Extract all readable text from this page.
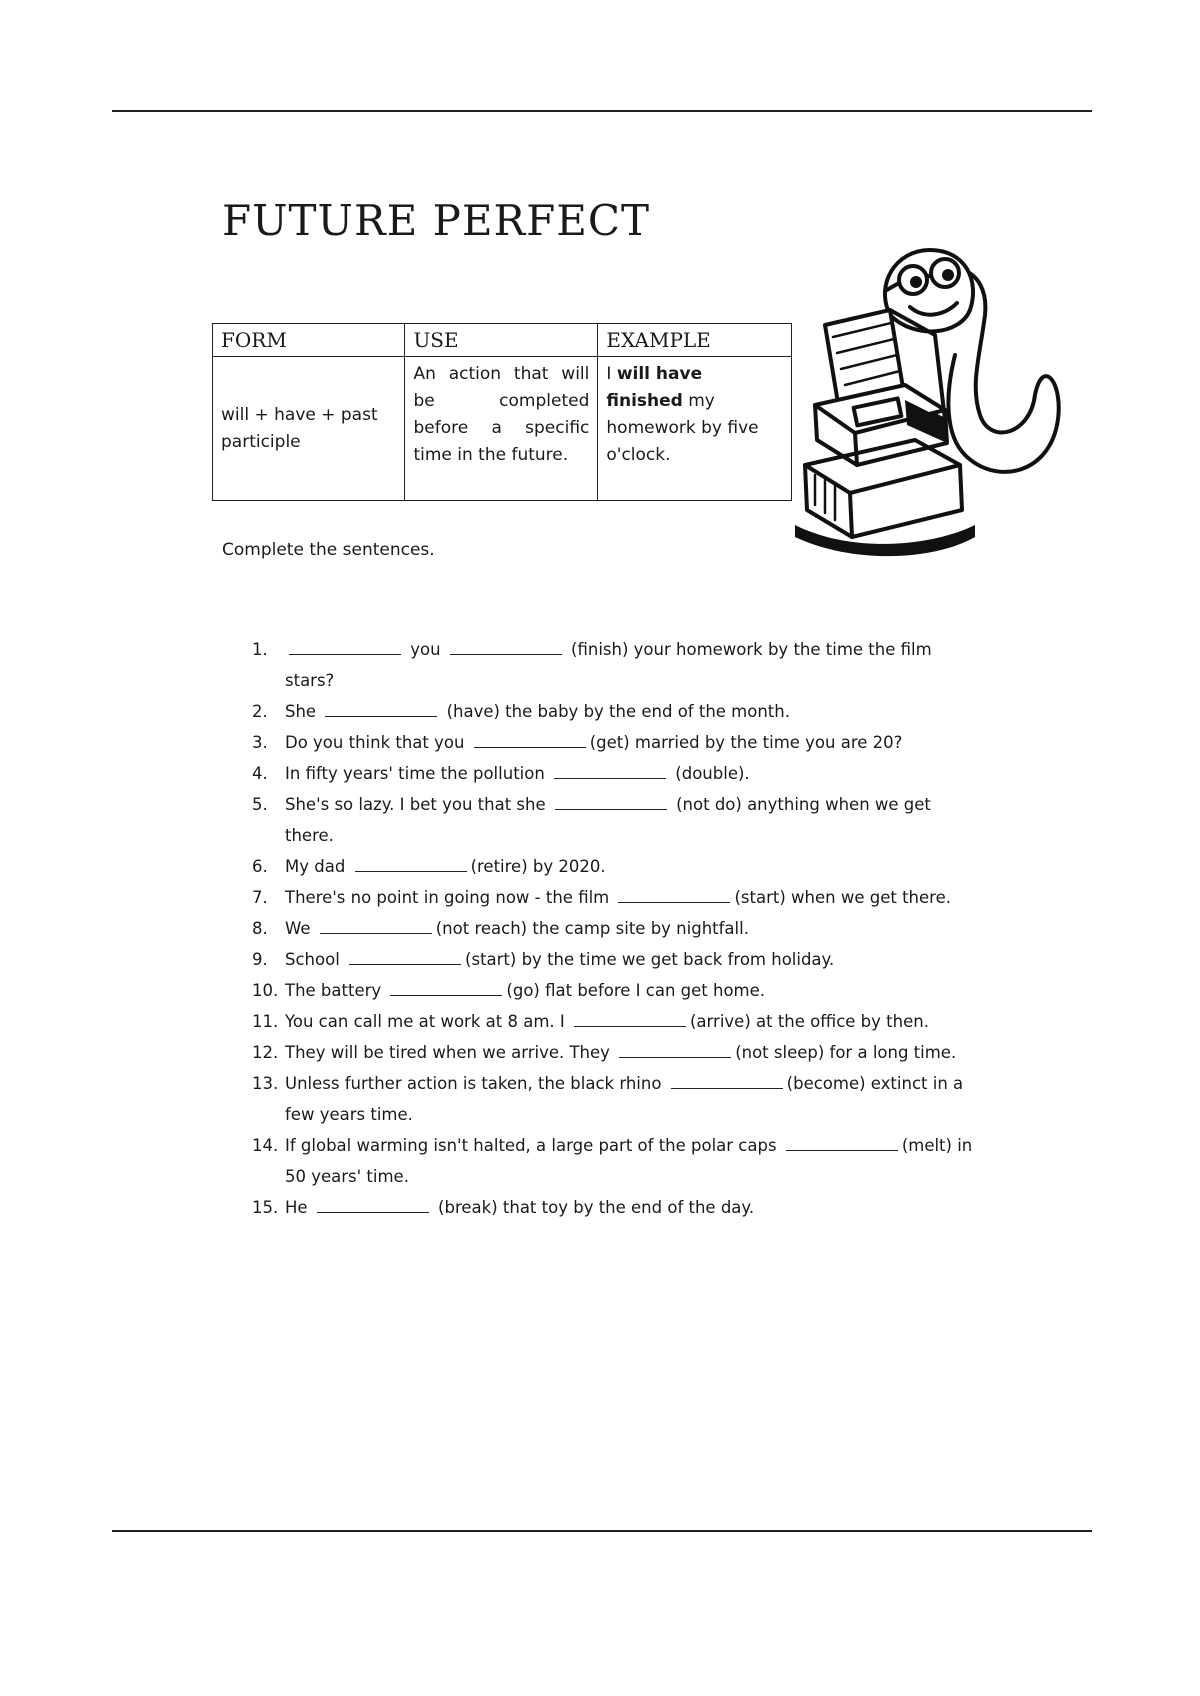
FUTURE PERFECT
FORM	USE	EXAMPLE
will + have + past participle	An action that will be completed before a specific time in the future.	I will have finished my homework by five o'clock.

Complete the sentences.

1.	you	(finish) your homework by the time the film stars?
2. She	(have) the baby by the end of the month.
3. Do you think that you	(get) married by the time you are 20?
4. In fifty years' time the pollution	(double).
5. She's so lazy. I bet you that she	(not do) anything when we get there.
6. My dad	(retire) by 2020.
7. There's no point in going now - the film	(start) when we get there.
8. We	(not reach) the camp site by nightfall.
9. School	(start) by the time we get back from holiday.
10. The battery	(go) flat before I can get home.
11. You can call me at work at 8 am. I	(arrive) at the office by then.
12. They will be tired when we arrive. They	(not sleep) for a long time.
13. Unless further action is taken, the black rhino	(become) extinct in a few years time.
14. If global warming isn't halted, a large part of the polar caps	(melt) in 50 years' time.
15. He	(break) that toy by the end of the day.
